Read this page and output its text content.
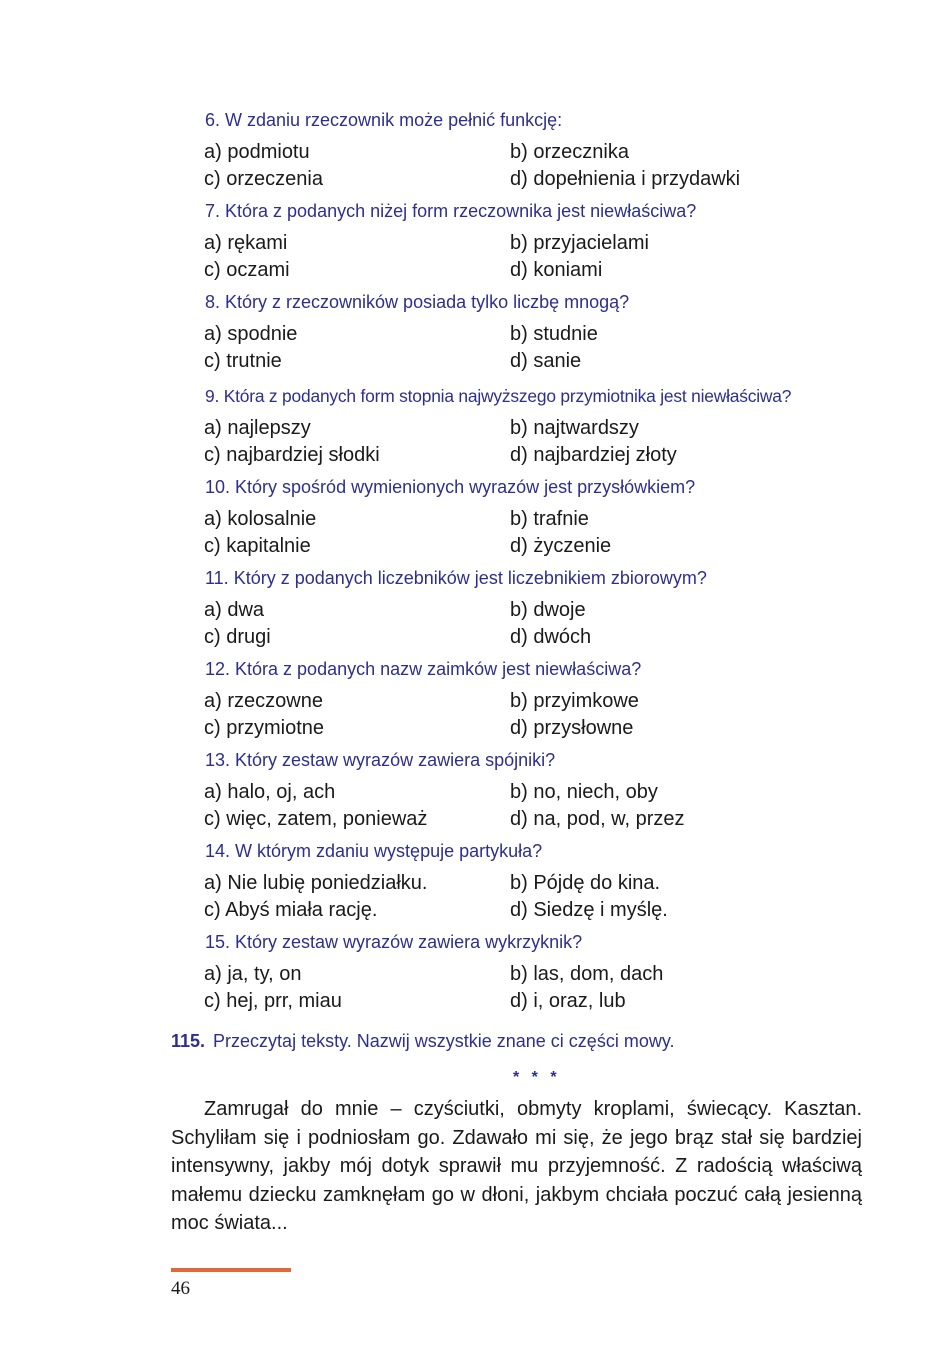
6. W zdaniu rzeczownik może pełnić funkcję:
a) podmiotu	b) orzecznika
c) orzeczenia	d) dopełnienia i przydawki
7. Która z podanych niżej form rzeczownika jest niewłaściwa?
a) rękami	b) przyjacielami
c) oczami	d) koniami
8. Który z rzeczowników posiada tylko liczbę mnogą?
a) spodnie	b) studnie
c) trutnie	d) sanie
9. Która z podanych form stopnia najwyższego przymiotnika jest niewłaściwa?
a) najlepszy	b) najtwardszy
c) najbardziej słodki	d) najbardziej złoty
10. Który spośród wymienionych wyrazów jest przysłówkiem?
a) kolosalnie	b) trafnie
c) kapitalnie	d) życzenie
11. Który z podanych liczebników jest liczebnikiem zbiorowym?
a) dwa	b) dwoje
c) drugi	d) dwóch
12. Która z podanych nazw zaimków jest niewłaściwa?
a) rzeczowne	b) przyimkowe
c) przymiotne	d) przysłowne
13. Który zestaw wyrazów zawiera spójniki?
a) halo, oj, ach	b) no, niech, oby
c) więc, zatem, ponieważ	d) na, pod, w, przez
14. W którym zdaniu występuje partykuła?
a) Nie lubię poniedziałku.	b) Pójdę do kina.
c) Abyś miała rację.	d) Siedzę i myślę.
15. Który zestaw wyrazów zawiera wykrzyknik?
a) ja, ty, on	b) las, dom, dach
c) hej, prr, miau	d) i, oraz, lub
115. Przeczytaj teksty. Nazwij wszystkie znane ci części mowy.
* * *

Zamrugał do mnie – czyściutki, obmyty kroplami, świecący. Kasztan. Schyliłam się i podniosłam go. Zdawało mi się, że jego brąz stał się bardziej intensywny, jakby mój dotyk sprawił mu przyjemność. Z radością właściwą małemu dziecku zamknęłam go w dłoni, jakbym chciała poczuć całą jesienną moc świata...

46
